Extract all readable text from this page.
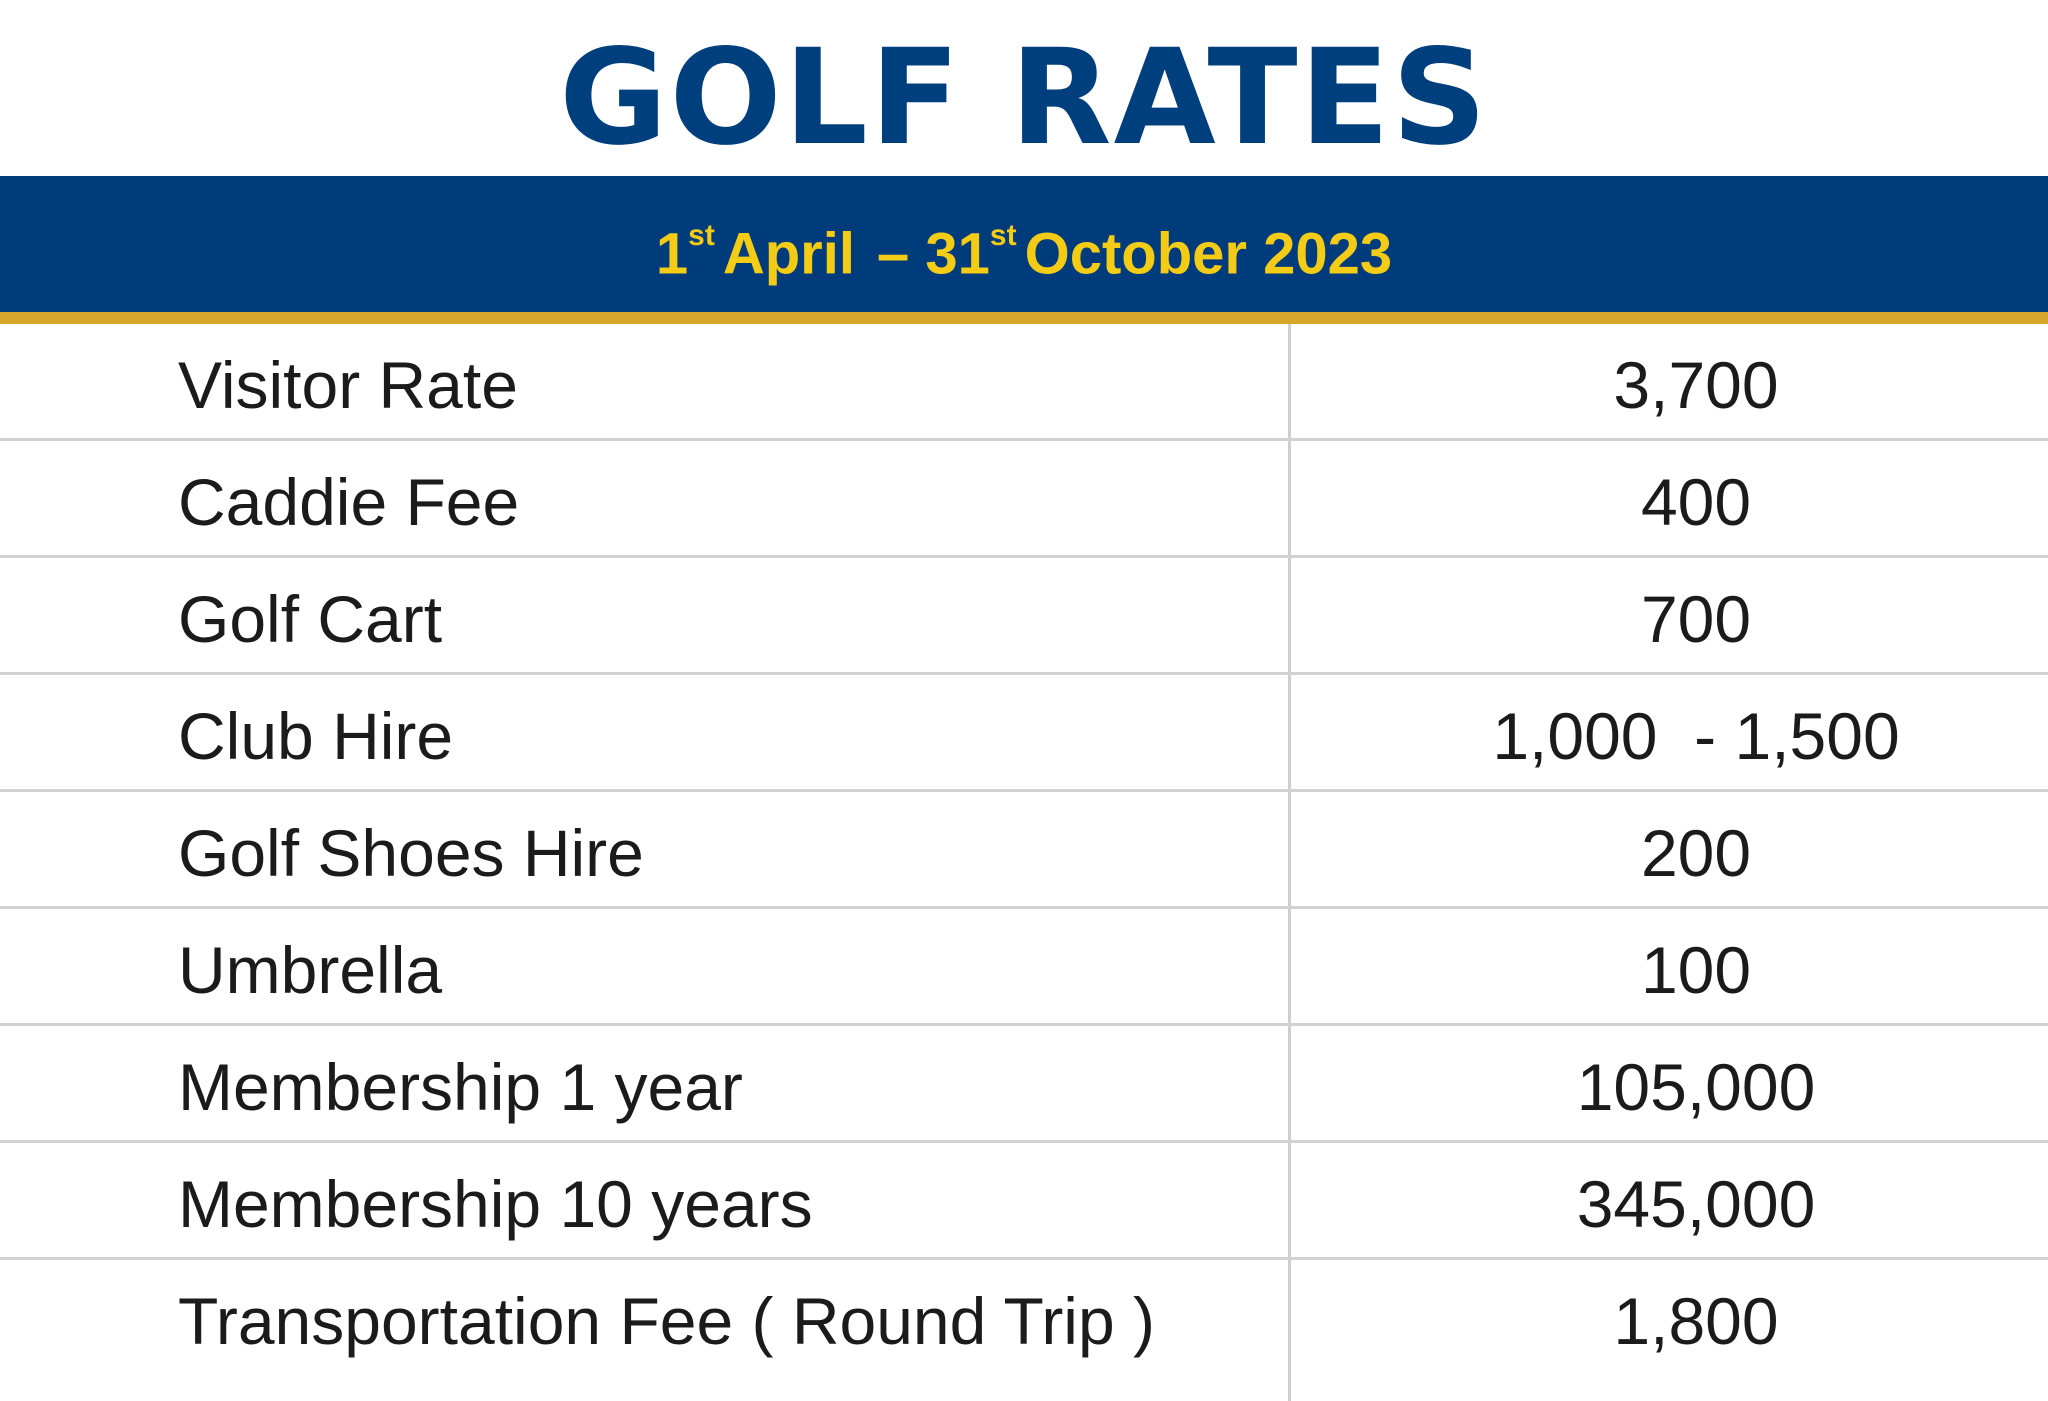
GOLF RATES
1st April – 31st October 2023
Visitor Rate	3,700
Caddie Fee	400
Golf Cart	700
Club Hire	1,000  - 1,500
Golf Shoes Hire	200
Umbrella	100
Membership 1 year	105,000
Membership 10 years	345,000
Transportation Fee ( Round Trip )	1,800
